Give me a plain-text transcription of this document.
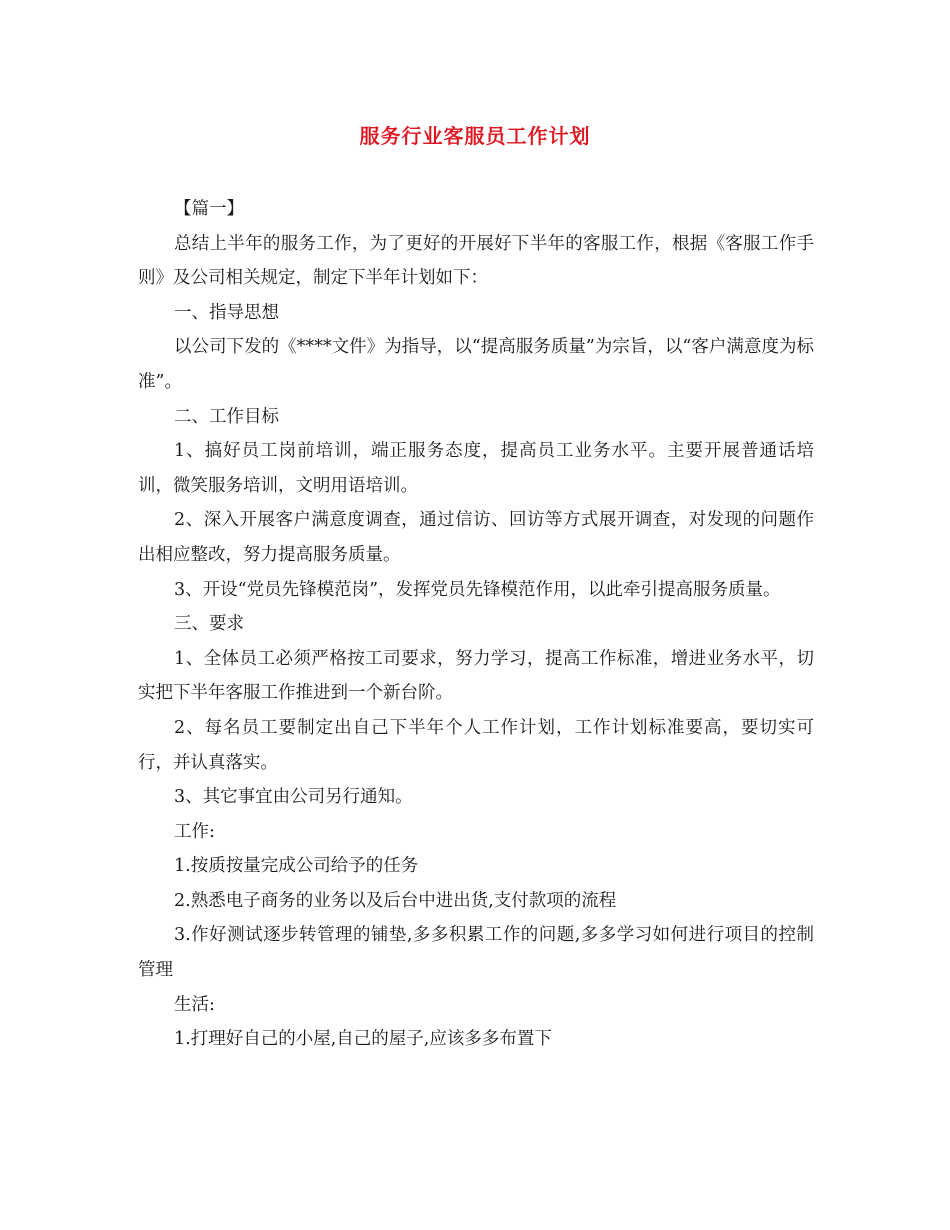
服务行业客服员工作计划

【篇一】

总结上半年的服务工作，为了更好的开展好下半年的客服工作，根据《客服工作手则》及公司相关规定，制定下半年计划如下：

一、指导思想

以公司下发的《****文件》为指导，以“提高服务质量”为宗旨，以“客户满意度为标准”。

二、工作目标

1、搞好员工岗前培训，端正服务态度，提高员工业务水平。主要开展普通话培训，微笑服务培训，文明用语培训。

2、深入开展客户满意度调查，通过信访、回访等方式展开调查，对发现的问题作出相应整改，努力提高服务质量。

3、开设“党员先锋模范岗”，发挥党员先锋模范作用，以此牵引提高服务质量。

三、要求

1、全体员工必须严格按工司要求，努力学习，提高工作标准，增进业务水平，切实把下半年客服工作推进到一个新台阶。

2、每名员工要制定出自己下半年个人工作计划，工作计划标准要高，要切实可行，并认真落实。

3、其它事宜由公司另行通知。

工作:

1.按质按量完成公司给予的任务

2.熟悉电子商务的业务以及后台中进出货,支付款项的流程

3.作好测试逐步转管理的铺垫,多多积累工作的问题,多多学习如何进行项目的控制管理

生活:

1.打理好自己的小屋,自己的屋子,应该多多布置下
